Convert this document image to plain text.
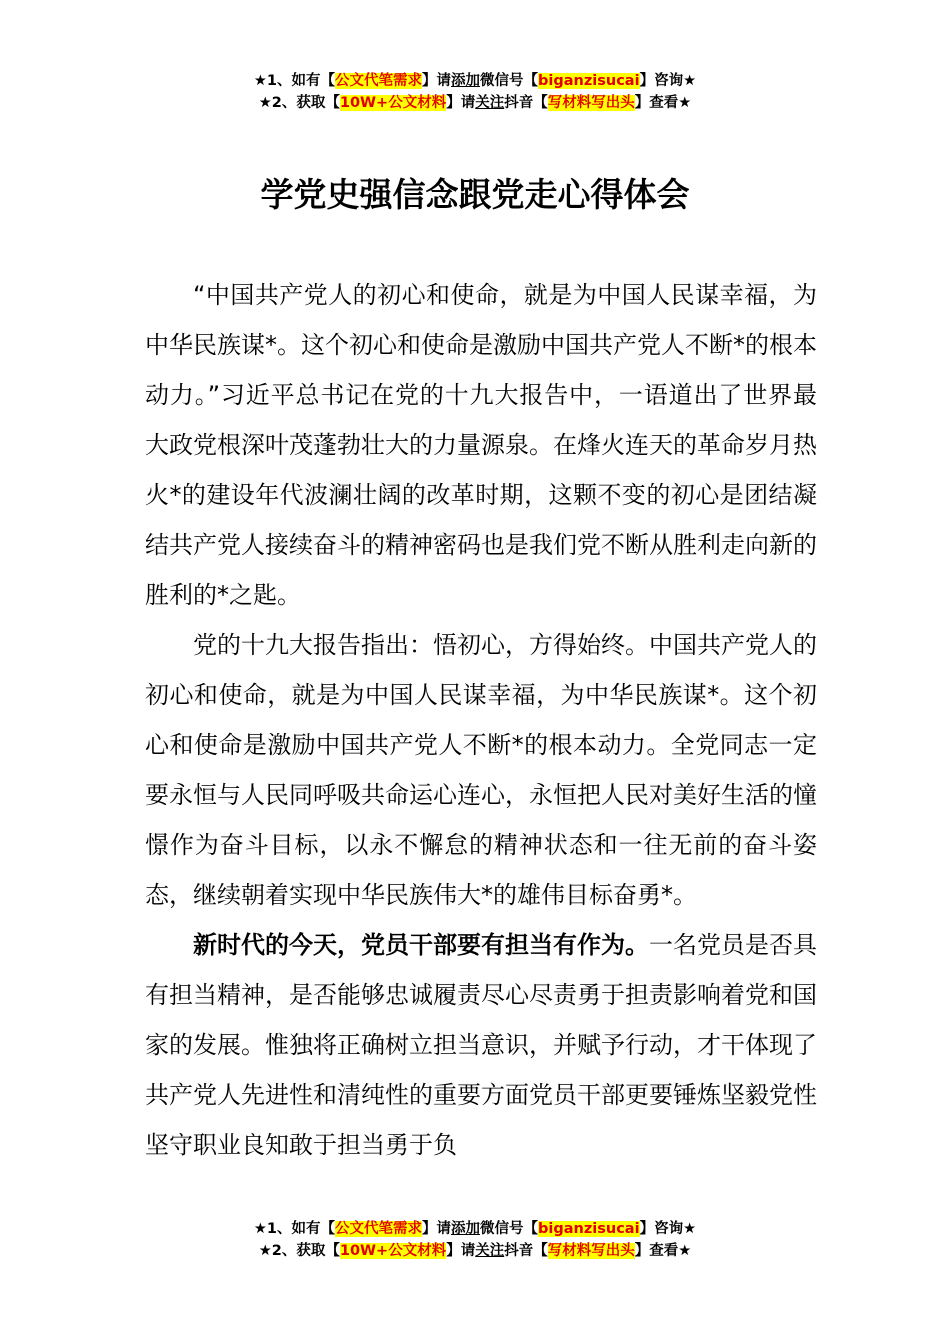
★1、如有【公文代笔需求】请添加微信号【biganzisucai】咨询★
★2、获取【10W+公文材料】请关注抖音【写材料写出头】查看★
学党史强信念跟党走心得体会

“中国共产党人的初心和使命，就是为中国人民谋幸福，为中华民族谋*。这个初心和使命是激励中国共产党人不断*的根本动力。”习近平总书记在党的十九大报告中，一语道出了世界最大政党根深叶茂蓬勃壮大的力量源泉。在烽火连天的革命岁月热火*的建设年代波澜壮阔的改革时期，这颗不变的初心是团结凝结共产党人接续奋斗的精神密码也是我们党不断从胜利走向新的胜利的*之匙。

党的十九大报告指出：悟初心，方得始终。中国共产党人的初心和使命，就是为中国人民谋幸福，为中华民族谋*。这个初心和使命是激励中国共产党人不断*的根本动力。全党同志一定要永恒与人民同呼吸共命运心连心，永恒把人民对美好生活的憧憬作为奋斗目标，以永不懈怠的精神状态和一往无前的奋斗姿态，继续朝着实现中华民族伟大*的雄伟目标奋勇*。

新时代的今天，党员干部要有担当有作为。一名党员是否具有担当精神，是否能够忠诚履责尽心尽责勇于担责影响着党和国家的发展。惟独将正确树立担当意识，并赋予行动，才干体现了共产党人先进性和清纯性的重要方面党员干部更要锤炼坚毅党性坚守职业良知敢于担当勇于负

★1、如有【公文代笔需求】请添加微信号【biganzisucai】咨询★
★2、获取【10W+公文材料】请关注抖音【写材料写出头】查看★
